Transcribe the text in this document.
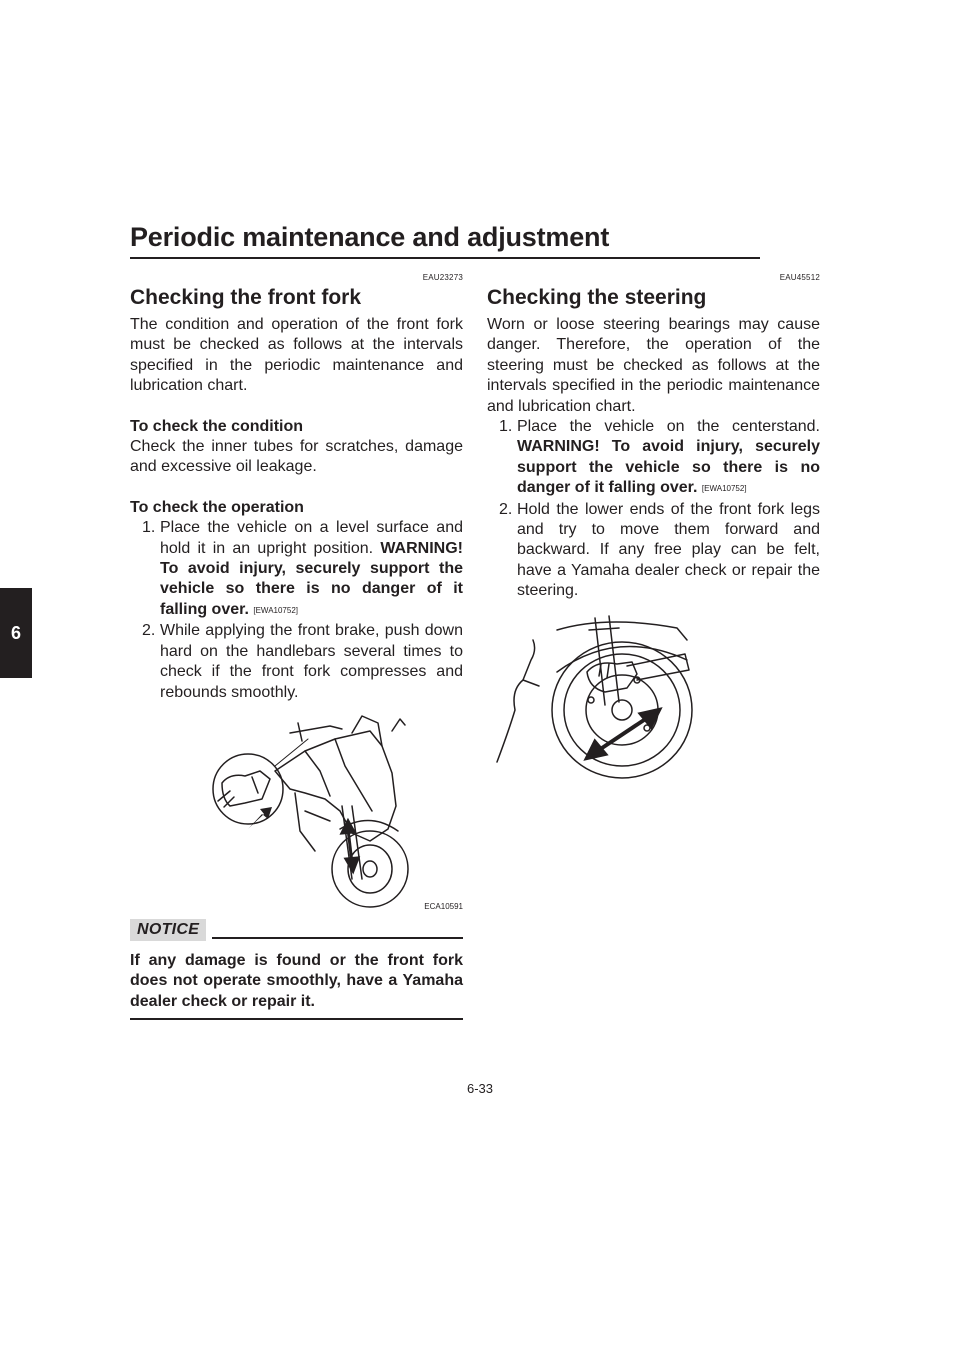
Periodic maintenance and adjustment
6
EAU23273
Checking the front fork

The condition and operation of the front fork must be checked as follows at the intervals specified in the periodic maintenance and lubrication chart.

To check the condition

Check the inner tubes for scratches, damage and excessive oil leakage.

To check the operation
1. Place the vehicle on a level surface and hold it in an upright position. WARNING! To avoid injury, securely support the vehicle so there is no danger of it falling over. [EWA10752]
2. While applying the front brake, push down hard on the handlebars several times to check if the front fork compresses and rebounds smoothly.
ECA10591
NOTICE
If any damage is found or the front fork does not operate smoothly, have a Yamaha dealer check or repair it.
EAU45512
Checking the steering

Worn or loose steering bearings may cause danger. Therefore, the operation of the steering must be checked as follows at the intervals specified in the periodic maintenance and lubrication chart.

1. Place the vehicle on the centerstand. WARNING! To avoid injury, securely support the vehicle so there is no danger of it falling over. [EWA10752]
2. Hold the lower ends of the front fork legs and try to move them forward and backward. If any free play can be felt, have a Yamaha dealer check or repair the steering.
6-33
